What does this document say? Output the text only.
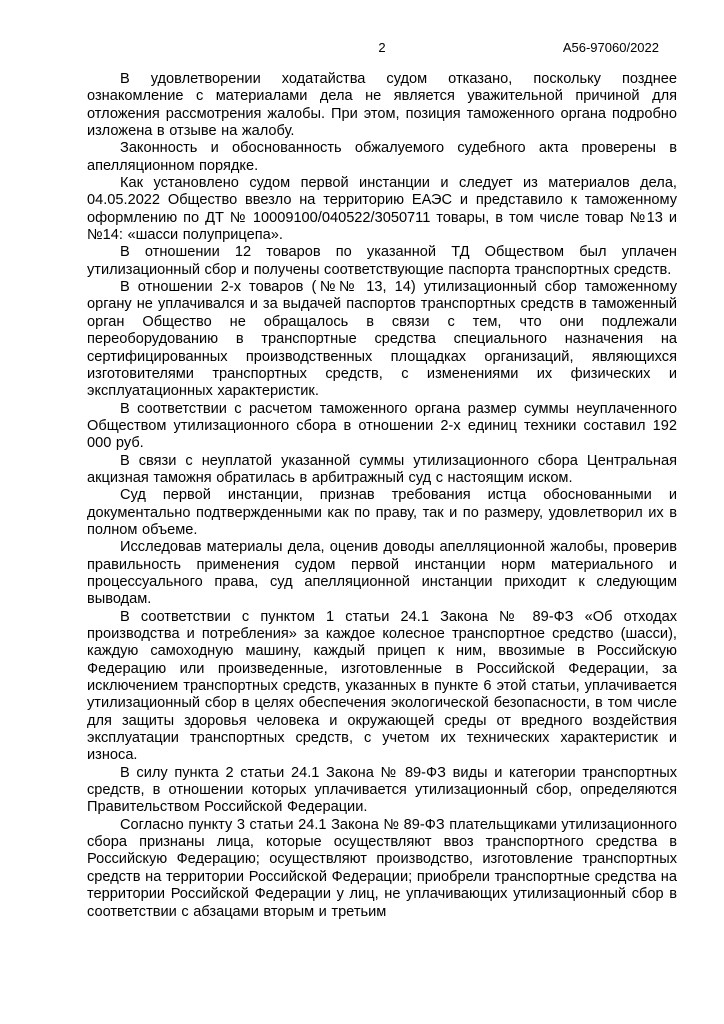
2	А56-97060/2022

В удовлетворении ходатайства судом отказано, поскольку позднее ознакомление с материалами дела не является уважительной причиной для отложения рассмотрения жалобы. При этом, позиция таможенного органа подробно изложена в отзыве на жалобу.

Законность и обоснованность обжалуемого судебного акта проверены в апелляционном порядке.

Как установлено судом первой инстанции и следует из материалов дела, 04.05.2022 Общество ввезло на территорию ЕАЭС и представило к таможенному оформлению по ДТ № 10009100/040522/3050711 товары, в том числе товар №13 и №14: «шасси полуприцепа».

В отношении 12 товаров по указанной ТД Обществом был уплачен утилизационный сбор и получены соответствующие паспорта транспортных средств.

В отношении 2-х товаров (№№ 13, 14) утилизационный сбор таможенному органу не уплачивался и за выдачей паспортов транспортных средств в таможенный орган Общество не обращалось в связи с тем, что они подлежали переоборудованию в транспортные средства специального назначения на сертифицированных производственных площадках организаций, являющихся изготовителями транспортных средств, с изменениями их физических и эксплуатационных характеристик.

В соответствии с расчетом таможенного органа размер суммы неуплаченного Обществом утилизационного сбора в отношении 2-х единиц техники составил 192 000 руб.

В связи с неуплатой указанной суммы утилизационного сбора Центральная акцизная таможня обратилась в арбитражный суд с настоящим иском.

Суд первой инстанции, признав требования истца обоснованными и документально подтвержденными как по праву, так и по размеру, удовлетворил их в полном объеме.

Исследовав материалы дела, оценив доводы апелляционной жалобы, проверив правильность применения судом первой инстанции норм материального и процессуального права, суд апелляционной инстанции приходит к следующим выводам.

В соответствии с пунктом 1 статьи 24.1 Закона № 89-ФЗ «Об отходах производства и потребления» за каждое колесное транспортное средство (шасси), каждую самоходную машину, каждый прицеп к ним, ввозимые в Российскую Федерацию или произведенные, изготовленные в Российской Федерации, за исключением транспортных средств, указанных в пункте 6 этой статьи, уплачивается утилизационный сбор в целях обеспечения экологической безопасности, в том числе для защиты здоровья человека и окружающей среды от вредного воздействия эксплуатации транспортных средств, с учетом их технических характеристик и износа.

В силу пункта 2 статьи 24.1 Закона № 89-ФЗ виды и категории транспортных средств, в отношении которых уплачивается утилизационный сбор, определяются Правительством Российской Федерации.

Согласно пункту 3 статьи 24.1 Закона № 89-ФЗ плательщиками утилизационного сбора признаны лица, которые осуществляют ввоз транспортного средства в Российскую Федерацию; осуществляют производство, изготовление транспортных средств на территории Российской Федерации; приобрели транспортные средства на территории Российской Федерации у лиц, не уплачивающих утилизационный сбор в соответствии с абзацами вторым и третьим
